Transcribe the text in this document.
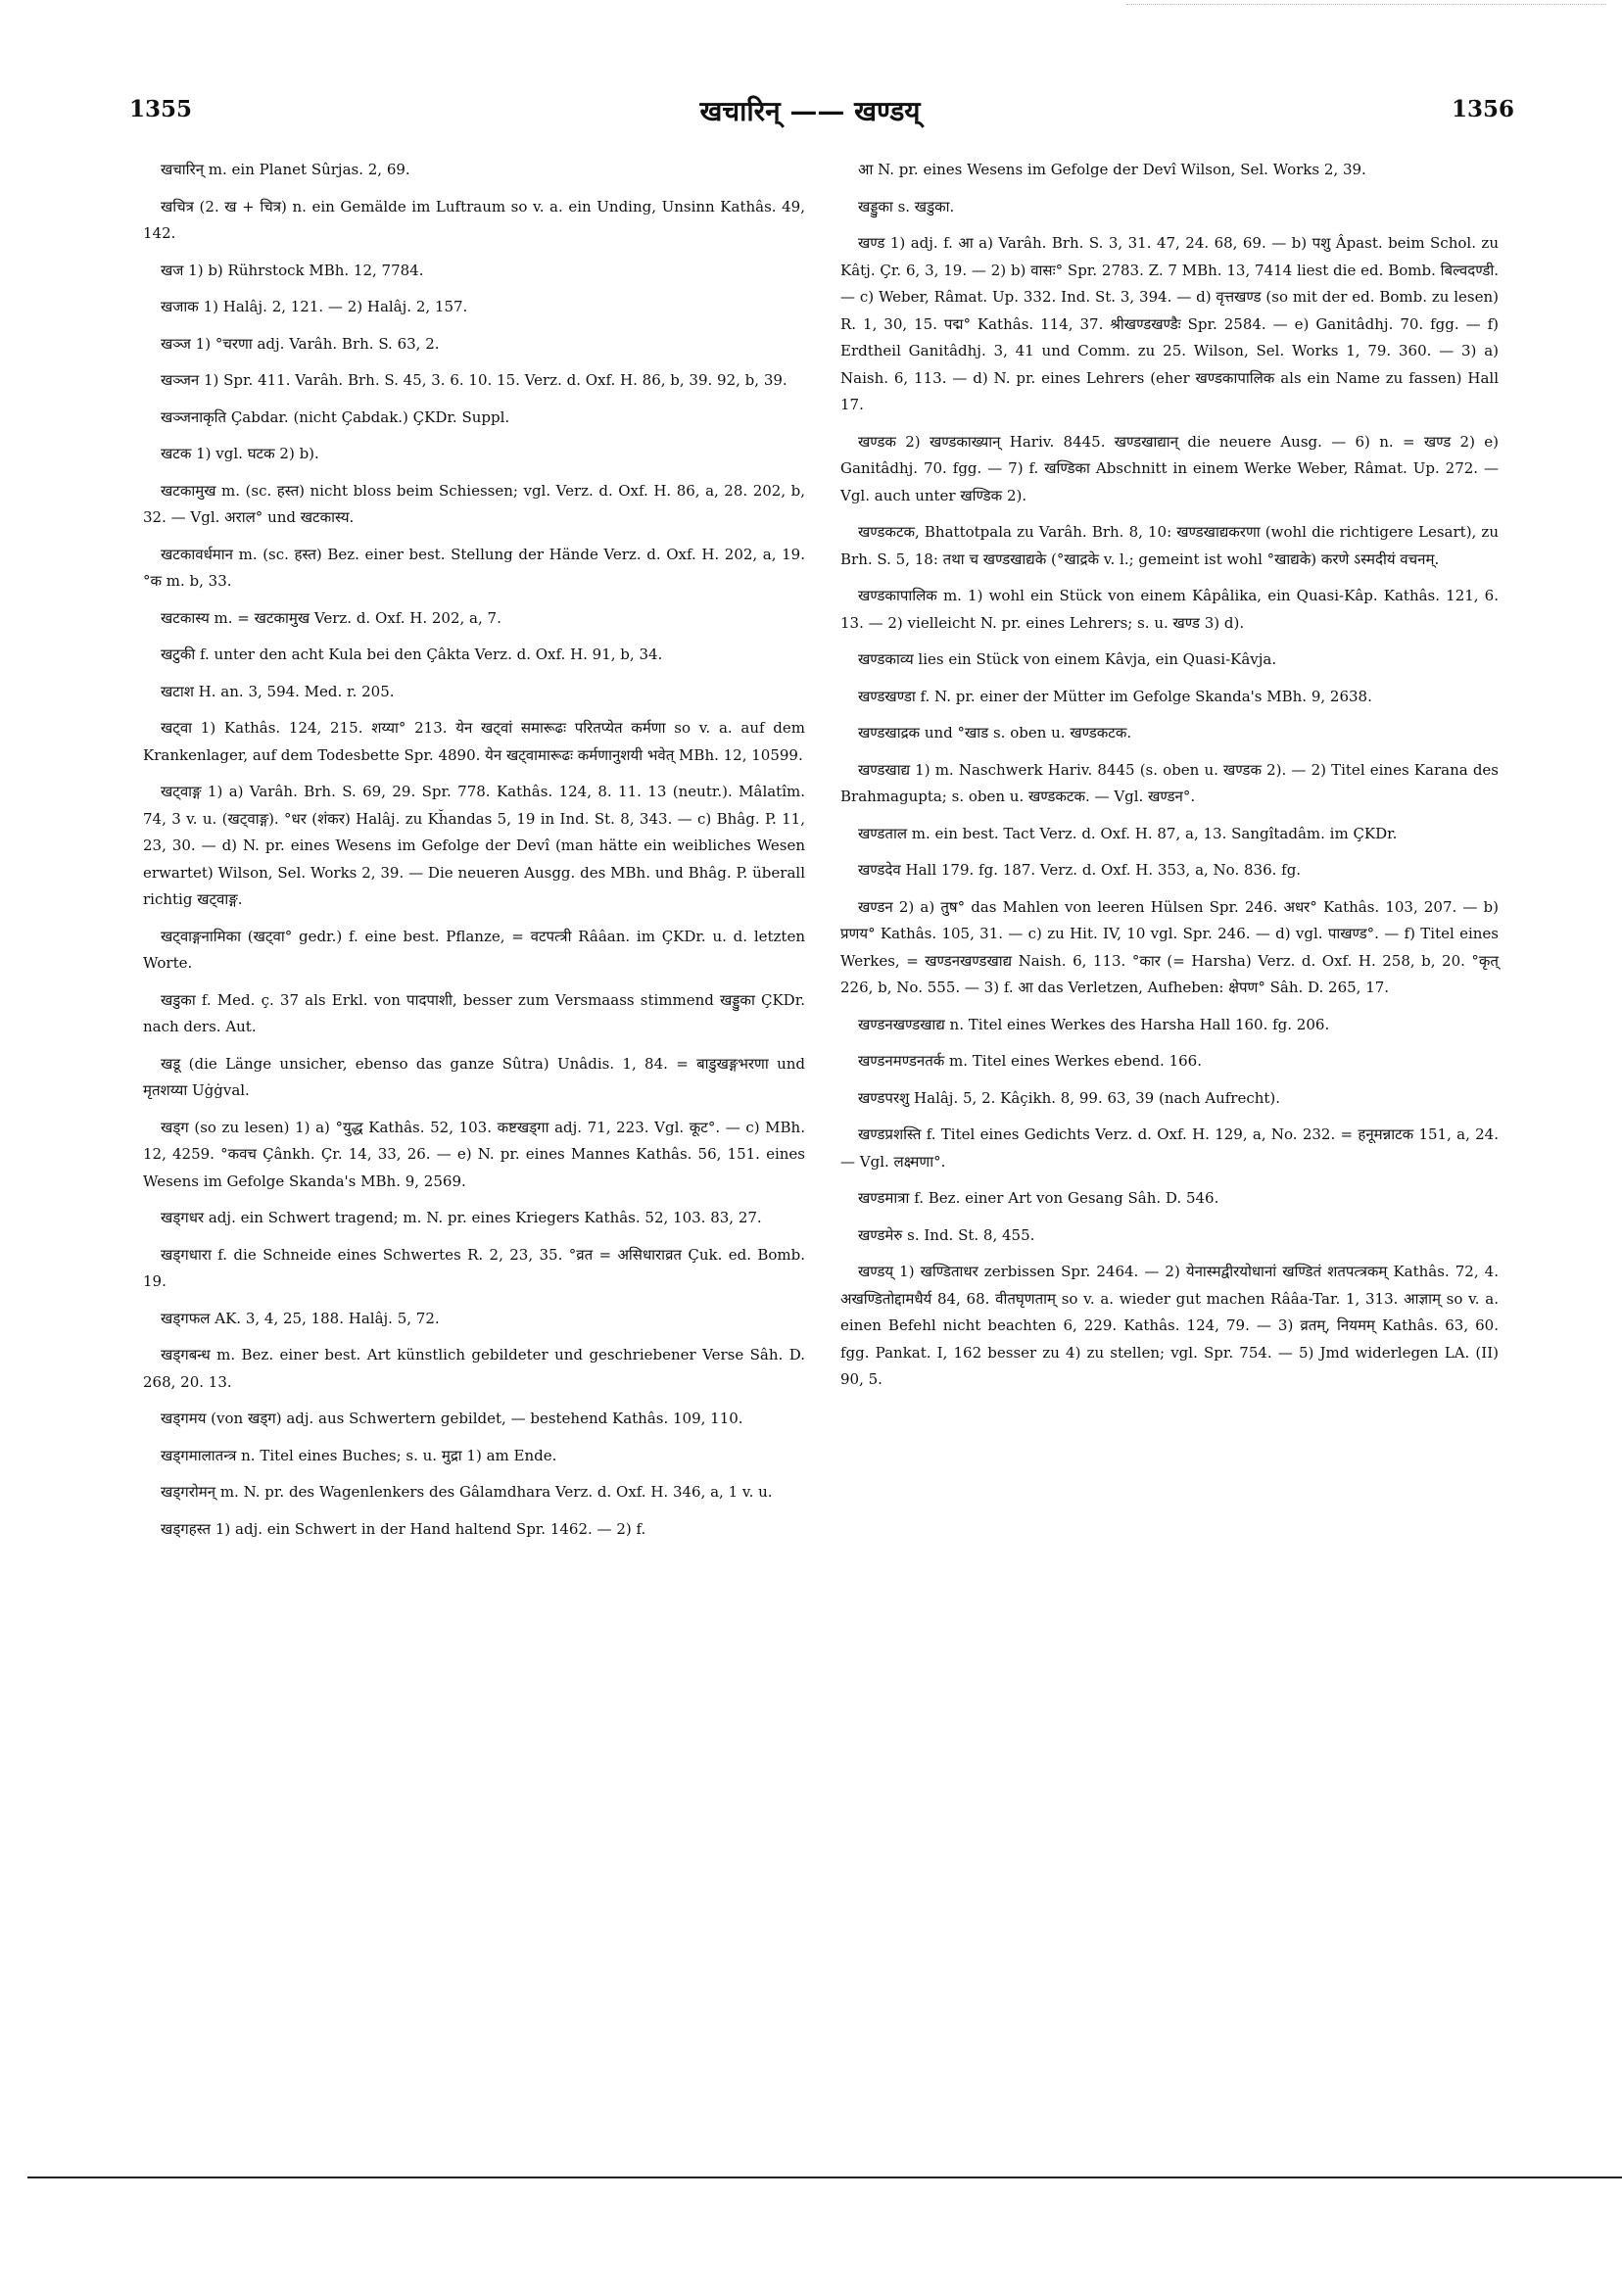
1355	खचारिन् —— खण्डय्	1356

खचारिन् m. ein Planet Sûrjas. 2, 69.

खचित्र (2. ख + चित्र) n. ein Gemälde im Luftraum so v. a. ein Unding, Unsinn Kathâs. 49, 142.

खज 1) b) Rührstock MBh. 12, 7784.

खजाक 1) Halâj. 2, 121. — 2) Halâj. 2, 157.

खञ्ज 1) °चरणा adj. Varâh. Brh. S. 63, 2.

खञ्जन 1) Spr. 411. Varâh. Brh. S. 45, 3. 6. 10. 15. Verz. d. Oxf. H. 86, b, 39. 92, b, 39.

खञ्जनाकृति Çabdar. (nicht Çabdak.) ÇKDr. Suppl.

खटक 1) vgl. घटक 2) b).

खटकामुख m. (sc. हस्त) nicht bloss beim Schiessen; vgl. Verz. d. Oxf. H. 86, a, 28. 202, b, 32. — Vgl. अराल° und खटकास्य.

खटकावर्धमान m. (sc. हस्त) Bez. einer best. Stellung der Hände Verz. d. Oxf. H. 202, a, 19. °क m. b, 33.

खटकास्य m. = खटकामुख Verz. d. Oxf. H. 202, a, 7.

खटुकी f. unter den acht Kula bei den Çâkta Verz. d. Oxf. H. 91, b, 34.

खटाश H. an. 3, 594. Med. r. 205.

खट्वा 1) Kathâs. 124, 215. शय्या° 213. येन खट्वां समारूढः परितप्येत कर्मणा so v. a. auf dem Krankenlager, auf dem Todesbette Spr. 4890. येन खट्वामारूढः कर्मणानुशयी भवेत् MBh. 12, 10599.

खट्वाङ्ग 1) a) Varâh. Brh. S. 69, 29. Spr. 778. Kathâs. 124, 8. 11. 13 (neutr.). Mâlatîm. 74, 3 v. u. (खट्वाङ्ग). °धर (शंकर) Halâj. zu Kh̆andas 5, 19 in Ind. St. 8, 343. — c) Bhâg. P. 11, 23, 30. — d) N. pr. eines Wesens im Gefolge der Devî (man hätte ein weibliches Wesen erwartet) Wilson, Sel. Works 2, 39. — Die neueren Ausgg. des MBh. und Bhâg. P. überall richtig खट्वाङ्ग.

खट्वाङ्गनामिका (खट्वा° gedr.) f. eine best. Pflanze, = वटपत्त्री Rââan. im ÇKDr. u. d. letzten Worte.

खडुका f. Med. ç. 37 als Erkl. von पादपाशी, besser zum Versmaass stimmend खड्डुका ÇKDr. nach ders. Aut.

खडू (die Länge unsicher, ebenso das ganze Sûtra) Unâdis. 1, 84. = बाडुखङ्गभरणा und मृतशय्या Uġġval.

खड्ग (so zu lesen) 1) a) °युद्ध Kathâs. 52, 103. कष्टखड्गा adj. 71, 223. Vgl. कूट°. — c) MBh. 12, 4259. °कवच Çânkh. Çr. 14, 33, 26. — e) N. pr. eines Mannes Kathâs. 56, 151. eines Wesens im Gefolge Skanda's MBh. 9, 2569.

खड्गधर adj. ein Schwert tragend; m. N. pr. eines Kriegers Kathâs. 52, 103. 83, 27.

खड्गधारा f. die Schneide eines Schwertes R. 2, 23, 35. °व्रत = असिधाराव्रत Çuk. ed. Bomb. 19.

खड्गफल AK. 3, 4, 25, 188. Halâj. 5, 72.

खड्गबन्ध m. Bez. einer best. Art künstlich gebildeter und geschriebener Verse Sâh. D. 268, 20. 13.

खड्गमय (von खड्ग) adj. aus Schwertern gebildet, — bestehend Kathâs. 109, 110.

खड्गमालातन्त्र n. Titel eines Buches; s. u. मुद्रा 1) am Ende.

खड्गरोमन् m. N. pr. des Wagenlenkers des Gâlamdhara Verz. d. Oxf. H. 346, a, 1 v. u.

खड्गहस्त 1) adj. ein Schwert in der Hand haltend Spr. 1462. — 2) f.

आ N. pr. eines Wesens im Gefolge der Devî Wilson, Sel. Works 2, 39.

खड्डुका s. खडुका.

खण्ड 1) adj. f. आ a) Varâh. Brh. S. 3, 31. 47, 24. 68, 69. — b) पशु Âpast. beim Schol. zu Kâtj. Çr. 6, 3, 19. — 2) b) वासः° Spr. 2783. Z. 7 MBh. 13, 7414 liest die ed. Bomb. बिल्वदण्डी. — c) Weber, Râmat. Up. 332. Ind. St. 3, 394. — d) वृत्तखण्ड (so mit der ed. Bomb. zu lesen) R. 1, 30, 15. पद्म° Kathâs. 114, 37. श्रीखण्डखण्डैः Spr. 2584. — e) Ganitâdhj. 70. fgg. — f) Erdtheil Ganitâdhj. 3, 41 und Comm. zu 25. Wilson, Sel. Works 1, 79. 360. — 3) a) Naish. 6, 113. — d) N. pr. eines Lehrers (eher खण्डकापालिक als ein Name zu fassen) Hall 17.

खण्डक 2) खण्डकाख्यान् Hariv. 8445. खण्डखाद्यान् die neuere Ausg. — 6) n. = खण्ड 2) e) Ganitâdhj. 70. fgg. — 7) f. खण्डिका Abschnitt in einem Werke Weber, Râmat. Up. 272. — Vgl. auch unter खण्डिक 2).

खण्डकटक, Bhattotpala zu Varâh. Brh. 8, 10: खण्डखाद्यकरणा (wohl die richtigere Lesart), zu Brh. S. 5, 18: तथा च खण्डखाद्यके (°खाद्रके v. l.; gemeint ist wohl °खाद्यके) करणे ऽस्मदीयं वचनम्.

खण्डकापालिक m. 1) wohl ein Stück von einem Kâpâlika, ein Quasi-Kâp. Kathâs. 121, 6. 13. — 2) vielleicht N. pr. eines Lehrers; s. u. खण्ड 3) d).

खण्डकाव्य lies ein Stück von einem Kâvja, ein Quasi-Kâvja.

खण्डखण्डा f. N. pr. einer der Mütter im Gefolge Skanda's MBh. 9, 2638.

खण्डखाद्रक und °खाड s. oben u. खण्डकटक.

खण्डखाद्य 1) m. Naschwerk Hariv. 8445 (s. oben u. खण्डक 2). — 2) Titel eines Karana des Brahmagupta; s. oben u. खण्डकटक. — Vgl. खण्डन°.

खण्डताल m. ein best. Tact Verz. d. Oxf. H. 87, a, 13. Sangîtadâm. im ÇKDr.

खण्डदेव Hall 179. fg. 187. Verz. d. Oxf. H. 353, a, No. 836. fg.

खण्डन 2) a) तुष° das Mahlen von leeren Hülsen Spr. 246. अधर° Kathâs. 103, 207. — b) प्रणय° Kathâs. 105, 31. — c) zu Hit. IV, 10 vgl. Spr. 246. — d) vgl. पाखण्ड°. — f) Titel eines Werkes, = खण्डनखण्डखाद्य Naish. 6, 113. °कार (= Harsha) Verz. d. Oxf. H. 258, b, 20. °कृत् 226, b, No. 555. — 3) f. आ das Verletzen, Aufheben: क्षेपण° Sâh. D. 265, 17.

खण्डनखण्डखाद्य n. Titel eines Werkes des Harsha Hall 160. fg. 206.

खण्डनमण्डनतर्क m. Titel eines Werkes ebend. 166.

खण्डपरशु Halâj. 5, 2. Kâçikh. 8, 99. 63, 39 (nach Aufrecht).

खण्डप्रशस्ति f. Titel eines Gedichts Verz. d. Oxf. H. 129, a, No. 232. = हनूमन्नाटक 151, a, 24. — Vgl. लक्ष्मणा°.

खण्डमात्रा f. Bez. einer Art von Gesang Sâh. D. 546.

खण्डमेरु s. Ind. St. 8, 455.

खण्डय् 1) खण्डिताधर zerbissen Spr. 2464. — 2) येनास्मद्वीरयोधानां खण्डितं शतपत्त्रकम् Kathâs. 72, 4. अखण्डितोद्दामधैर्य 84, 68. वीतघृणताम् so v. a. wieder gut machen Rââa-Tar. 1, 313. आज्ञाम् so v. a. einen Befehl nicht beachten 6, 229. Kathâs. 124, 79. — 3) व्रतम्, नियमम् Kathâs. 63, 60. fgg. Pankat. I, 162 besser zu 4) zu stellen; vgl. Spr. 754. — 5) Jmd widerlegen LA. (II) 90, 5.
